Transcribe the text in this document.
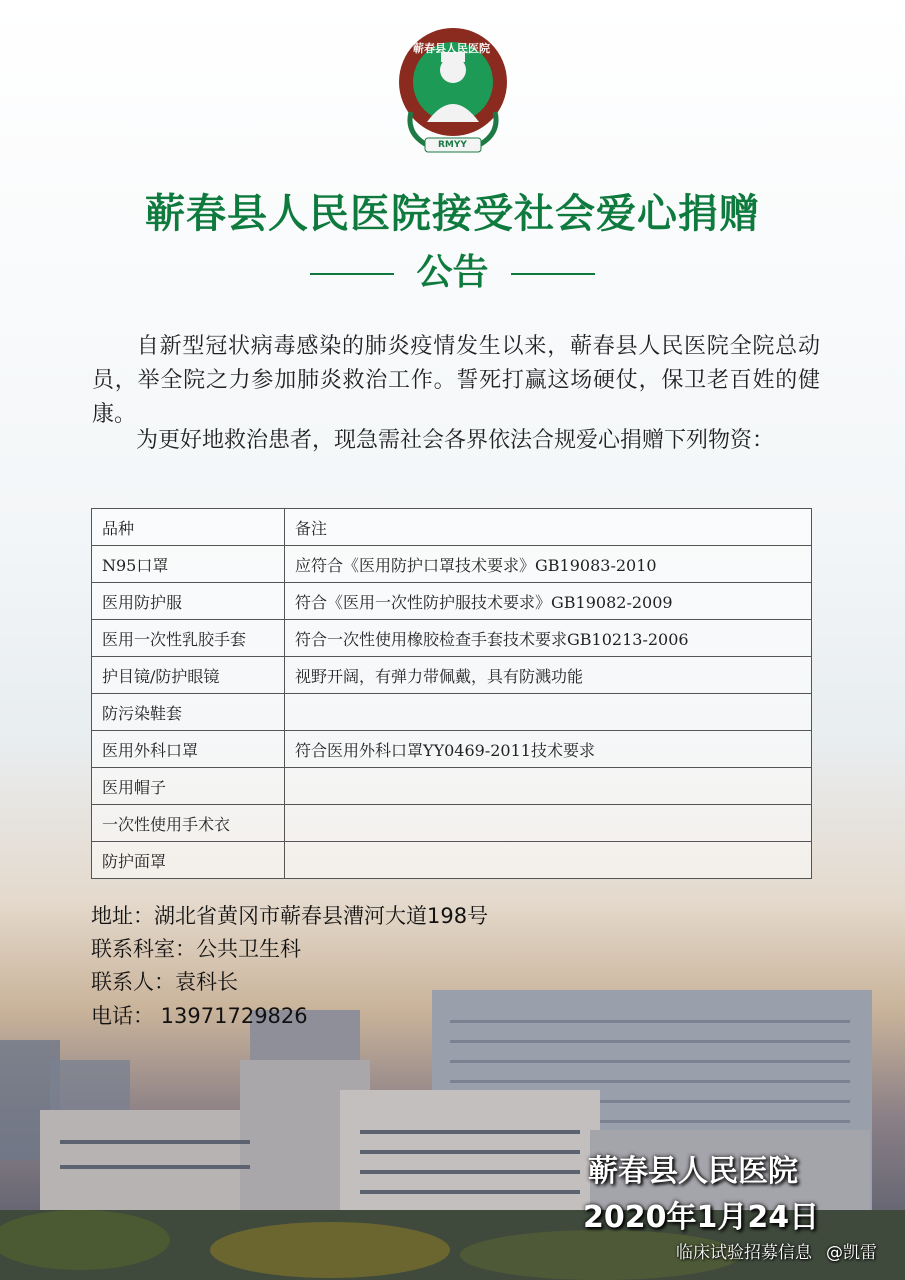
蕲春县人民医院
RMYY
蕲春县人民医院接受社会爱心捐赠
公告

自新型冠状病毒感染的肺炎疫情发生以来，蕲春县人民医院全院总动员，举全院之力参加肺炎救治工作。誓死打赢这场硬仗，保卫老百姓的健康。

为更好地救治患者，现急需社会各界依法合规爱心捐赠下列物资：

品种	备注
N95口罩	应符合《医用防护口罩技术要求》GB19083-2010
医用防护服	符合《医用一次性防护服技术要求》GB19082-2009
医用一次性乳胶手套	符合一次性使用橡胶检查手套技术要求GB10213-2006
护目镜/防护眼镜	视野开阔，有弹力带佩戴，具有防溅功能
防污染鞋套	
医用外科口罩	符合医用外科口罩YY0469-2011技术要求
医用帽子	
一次性使用手术衣	
防护面罩	

地址：湖北省黄冈市蕲春县漕河大道198号

联系科室：公共卫生科

联系人：袁科长

电话： 13971729826

蕲春县人民医院
2020年1月24日
临床试验招募信息 @凯雷
